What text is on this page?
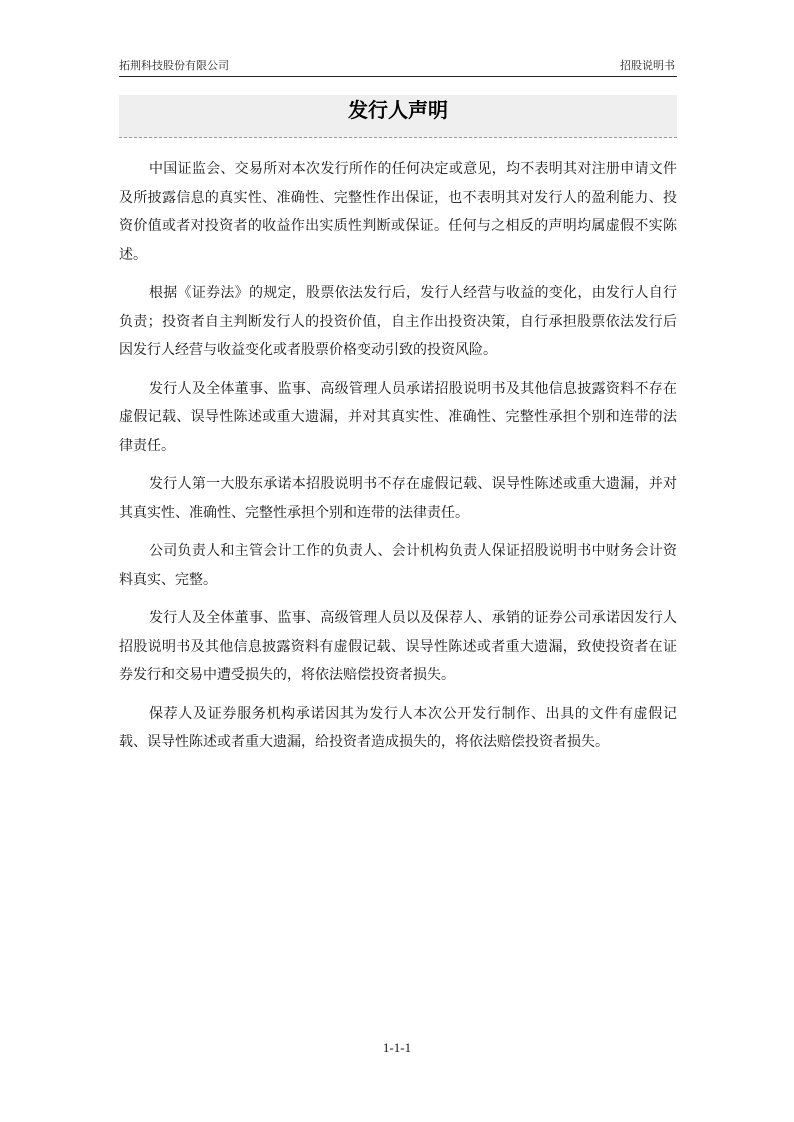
拓荆科技股份有限公司	招股说明书
发行人声明

中国证监会、交易所对本次发行所作的任何决定或意见，均不表明其对注册申请文件及所披露信息的真实性、准确性、完整性作出保证，也不表明其对发行人的盈利能力、投资价值或者对投资者的收益作出实质性判断或保证。任何与之相反的声明均属虚假不实陈述。

根据《证券法》的规定，股票依法发行后，发行人经营与收益的变化，由发行人自行负责；投资者自主判断发行人的投资价值，自主作出投资决策，自行承担股票依法发行后因发行人经营与收益变化或者股票价格变动引致的投资风险。

发行人及全体董事、监事、高级管理人员承诺招股说明书及其他信息披露资料不存在虚假记载、误导性陈述或重大遗漏，并对其真实性、准确性、完整性承担个别和连带的法律责任。

发行人第一大股东承诺本招股说明书不存在虚假记载、误导性陈述或重大遗漏，并对其真实性、准确性、完整性承担个别和连带的法律责任。

公司负责人和主管会计工作的负责人、会计机构负责人保证招股说明书中财务会计资料真实、完整。

发行人及全体董事、监事、高级管理人员以及保荐人、承销的证券公司承诺因发行人招股说明书及其他信息披露资料有虚假记载、误导性陈述或者重大遗漏，致使投资者在证券发行和交易中遭受损失的，将依法赔偿投资者损失。

保荐人及证券服务机构承诺因其为发行人本次公开发行制作、出具的文件有虚假记载、误导性陈述或者重大遗漏，给投资者造成损失的，将依法赔偿投资者损失。

1-1-1
